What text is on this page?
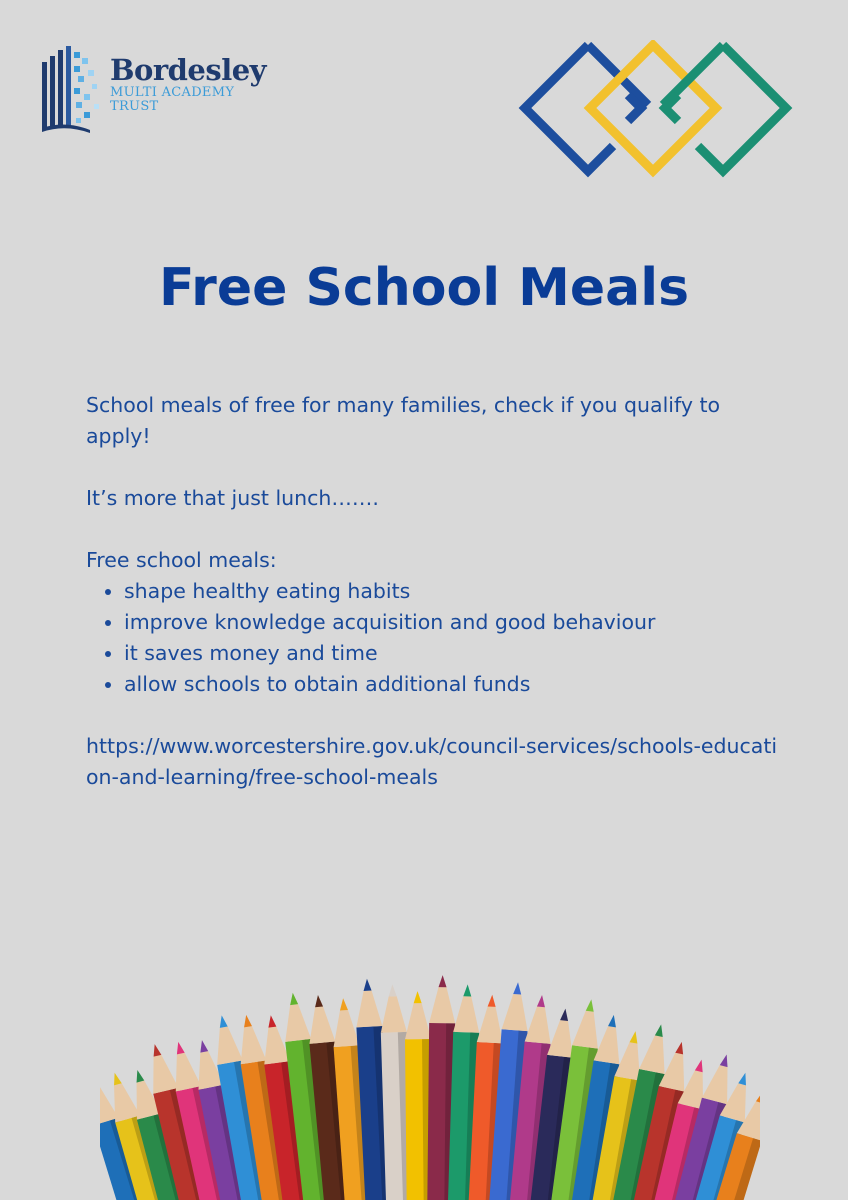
Bordesley
MULTI ACADEMY
TRUST
Free School Meals

School meals of free for many families, check if you qualify to apply!

It’s more that just lunch…….

Free school meals:

• shape healthy eating habits
• improve knowledge acquisition and good behaviour
• it saves money and time
• allow schools to obtain additional funds

https://www.worcestershire.gov.uk/council-services/schools-education-and-learning/free-school-meals
